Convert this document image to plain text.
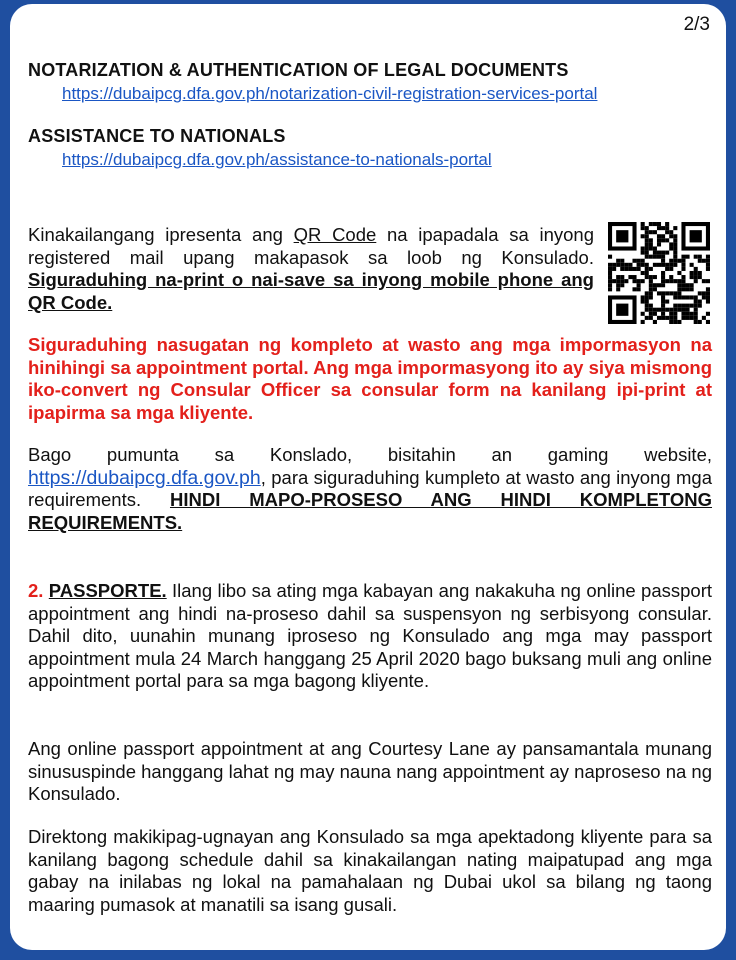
2/3
NOTARIZATION & AUTHENTICATION OF LEGAL DOCUMENTS
https://dubaipcg.dfa.gov.ph/notarization-civil-registration-services-portal
ASSISTANCE TO NATIONALS
https://dubaipcg.dfa.gov.ph/assistance-to-nationals-portal

Kinakailangang ipresenta ang QR Code na ipapadala sa inyong registered mail upang makapasok sa loob ng Konsulado. Siguraduhing na-print o nai-save sa inyong mobile phone ang QR Code.

Siguraduhing nasugatan ng kompleto at wasto ang mga impormasyon na hinihingi sa appointment portal. Ang mga impormasyong ito ay siya mismong iko-convert ng Consular Officer sa consular form na kanilang ipi-print at ipapirma sa mga kliyente.

Bago pumunta sa Konslado, bisitahin an gaming website, https://dubaipcg.dfa.gov.ph, para siguraduhing kumpleto at wasto ang inyong mga requirements. HINDI MAPO-PROSESO ANG HINDI KOMPLETONG REQUIREMENTS.

2. PASSPORTE. Ilang libo sa ating mga kabayan ang nakakuha ng online passport appointment ang hindi na-proseso dahil sa suspensyon ng serbisyong consular. Dahil dito, uunahin munang iproseso ng Konsulado ang mga may passport appointment mula 24 March hanggang 25 April 2020 bago buksang muli ang online appointment portal para sa mga bagong kliyente.

Ang online passport appointment at ang Courtesy Lane ay pansamantala munang sinususpinde hanggang lahat ng may nauna nang appointment ay naproseso na ng Konsulado.

Direktong makikipag-ugnayan ang Konsulado sa mga apektadong kliyente para sa kanilang bagong schedule dahil sa kinakailangan nating maipatupad ang mga gabay na inilabas ng lokal na pamahalaan ng Dubai ukol sa bilang ng taong maaring pumasok at manatili sa isang gusali.
